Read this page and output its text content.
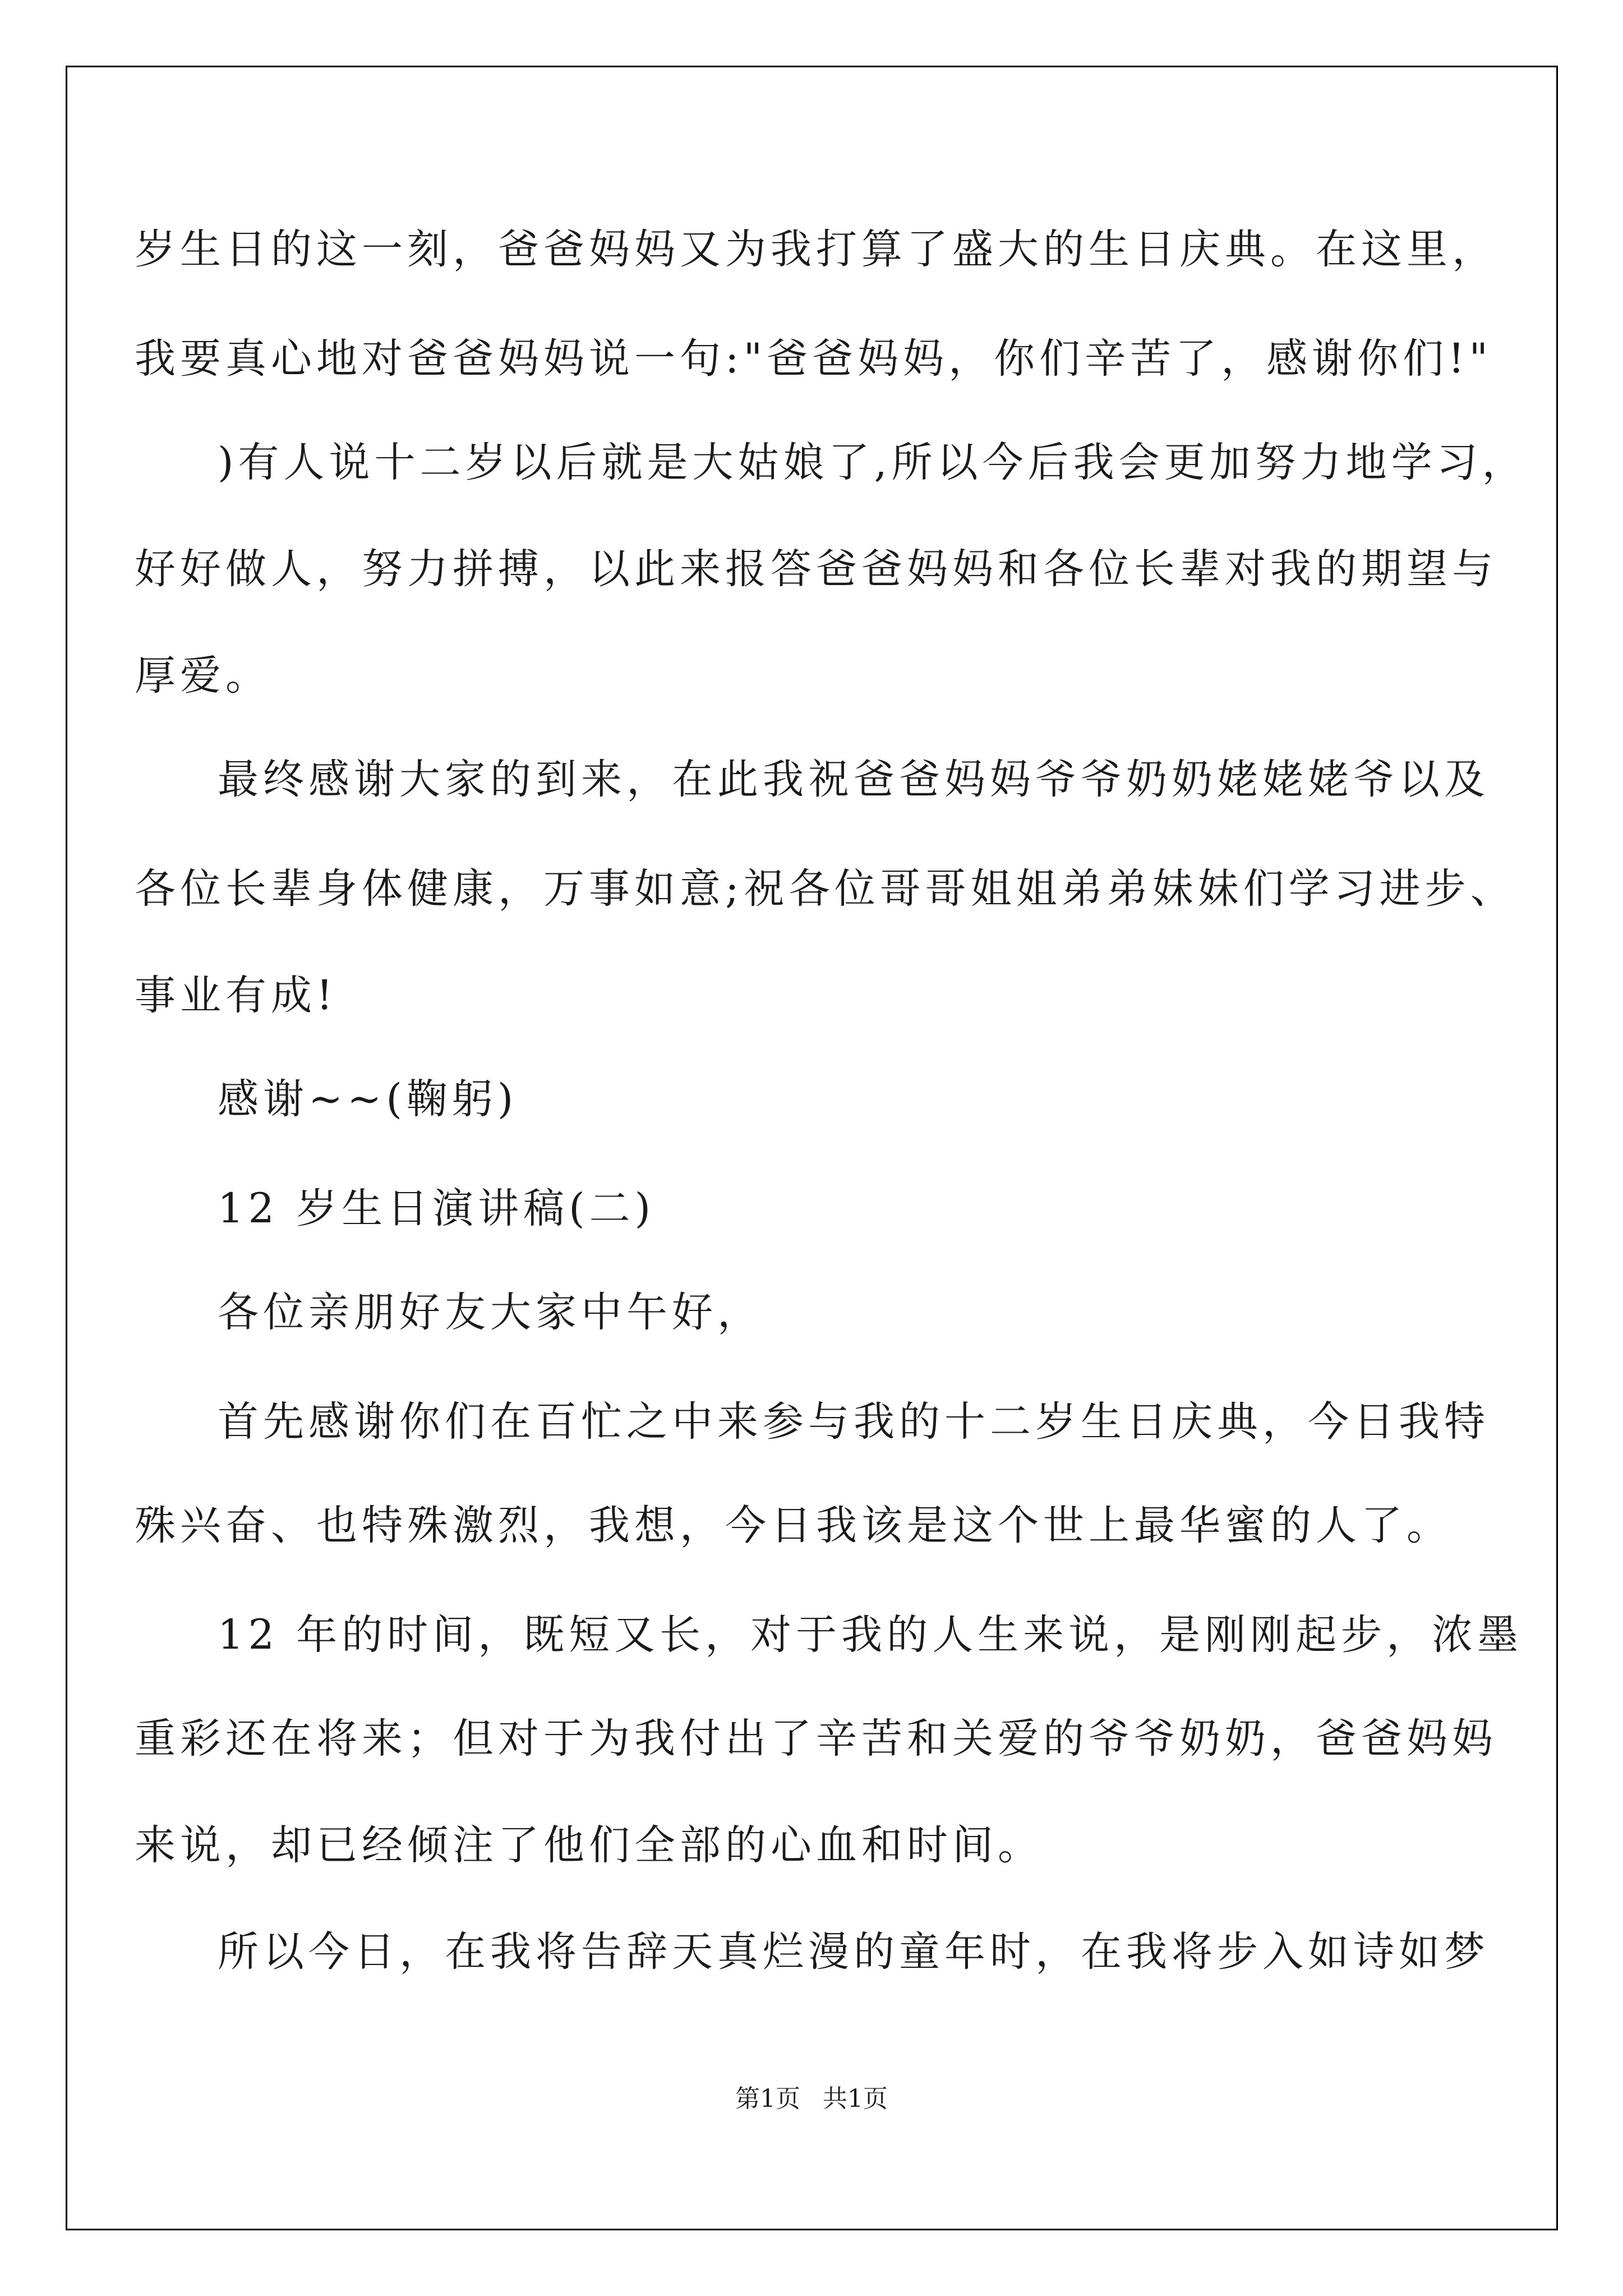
岁生日的这一刻，爸爸妈妈又为我打算了盛大的生日庆典。在这里，
我要真心地对爸爸妈妈说一句:"爸爸妈妈，你们辛苦了，感谢你们!"
)有人说十二岁以后就是大姑娘了,所以今后我会更加努力地学习，
好好做人，努力拼搏，以此来报答爸爸妈妈和各位长辈对我的期望与
厚爱。
最终感谢大家的到来，在此我祝爸爸妈妈爷爷奶奶姥姥姥爷以及
各位长辈身体健康，万事如意;祝各位哥哥姐姐弟弟妹妹们学习进步、
事业有成!
感谢~~(鞠躬)
12 岁生日演讲稿(二)
各位亲朋好友大家中午好，
首先感谢你们在百忙之中来参与我的十二岁生日庆典，今日我特
殊兴奋、也特殊激烈，我想，今日我该是这个世上最华蜜的人了。
12 年的时间，既短又长，对于我的人生来说，是刚刚起步，浓墨
重彩还在将来；但对于为我付出了辛苦和关爱的爷爷奶奶，爸爸妈妈
来说，却已经倾注了他们全部的心血和时间。
所以今日，在我将告辞天真烂漫的童年时，在我将步入如诗如梦
第1页 共1页
